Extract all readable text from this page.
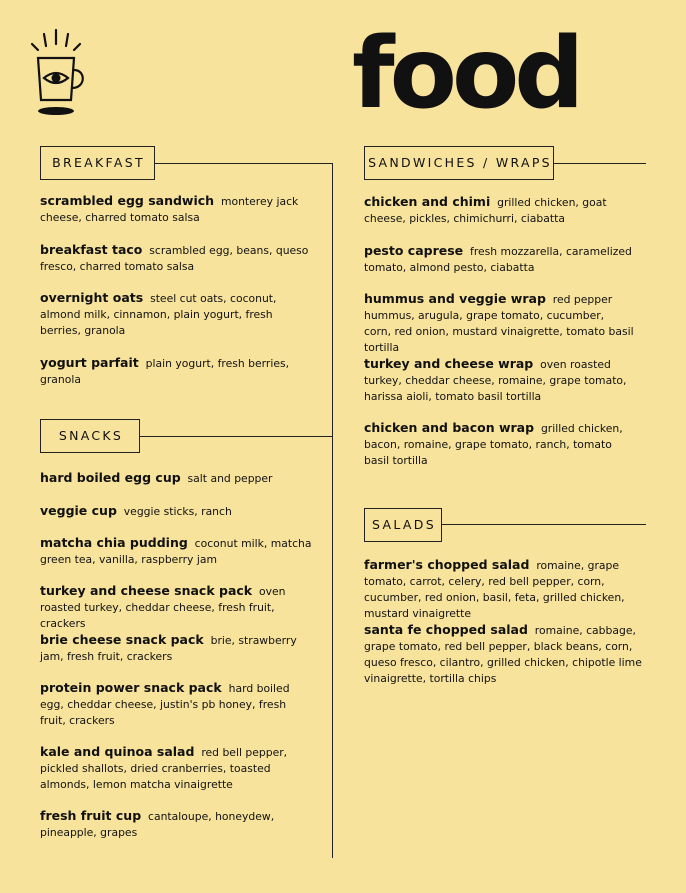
food
BREAKFAST	SANDWICHES / WRAPS
SNACKS
SALADS

scrambled egg sandwich monterey jack cheese, charred tomato salsa

breakfast taco scrambled egg, beans, queso fresco, charred tomato salsa

overnight oats steel cut oats, coconut, almond milk, cinnamon, plain yogurt, fresh berries, granola

yogurt parfait plain yogurt, fresh berries, granola

hard boiled egg cup salt and pepper

veggie cup veggie sticks, ranch

matcha chia pudding coconut milk, matcha green tea, vanilla, raspberry jam

turkey and cheese snack pack oven roasted turkey, cheddar cheese, fresh fruit, crackers

brie cheese snack pack brie, strawberry jam, fresh fruit, crackers

protein power snack pack hard boiled egg, cheddar cheese, justin's pb honey, fresh fruit, crackers

kale and quinoa salad red bell pepper, pickled shallots, dried cranberries, toasted almonds, lemon matcha vinaigrette

fresh fruit cup cantaloupe, honeydew, pineapple, grapes

chicken and chimi grilled chicken, goat cheese, pickles, chimichurri, ciabatta

pesto caprese fresh mozzarella, caramelized tomato, almond pesto, ciabatta

hummus and veggie wrap red pepper hummus, arugula, grape tomato, cucumber, corn, red onion, mustard vinaigrette, tomato basil tortilla

turkey and cheese wrap oven roasted turkey, cheddar cheese, romaine, grape tomato, harissa aioli, tomato basil tortilla

chicken and bacon wrap grilled chicken, bacon, romaine, grape tomato, ranch, tomato basil tortilla

farmer's chopped salad romaine, grape tomato, carrot, celery, red bell pepper, corn, cucumber, red onion, basil, feta, grilled chicken, mustard vinaigrette

santa fe chopped salad romaine, cabbage, grape tomato, red bell pepper, black beans, corn, queso fresco, cilantro, grilled chicken, chipotle lime vinaigrette, tortilla chips
